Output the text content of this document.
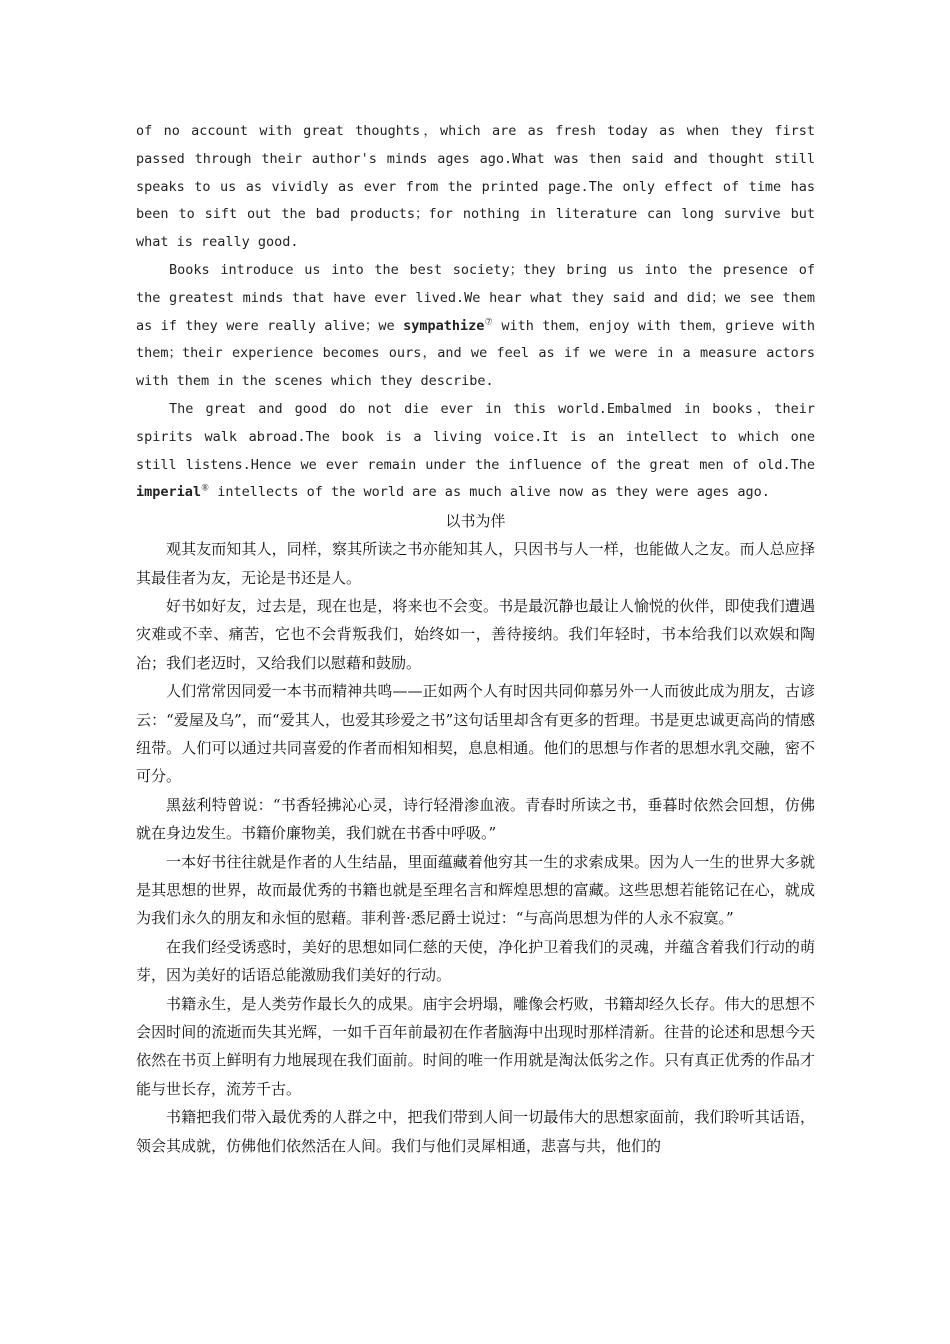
of no account with great thoughts，which are as fresh today as when they first passed through their author's minds ages ago.What was then said and thought still speaks to us as vividly as ever from the printed page.The only effect of time has been to sift out the bad products；for nothing in literature can long survive but what is really good.

Books introduce us into the best society；they bring us into the presence of the greatest minds that have ever lived.We hear what they said and did；we see them as if they were really alive；we sympathize⑦ with them，enjoy with them，grieve with them；their experience becomes ours，and we feel as if we were in a measure actors with them in the scenes which they describe.

The great and good do not die ever in this world.Embalmed in books，their spirits walk abroad.The book is a living voice.It is an intellect to which one still listens.Hence we ever remain under the influence of the great men of old.The imperial⑧ intellects of the world are as much alive now as they were ages ago.

以书为伴

观其友而知其人，同样，察其所读之书亦能知其人，只因书与人一样，也能做人之友。而人总应择其最佳者为友，无论是书还是人。

好书如好友，过去是，现在也是，将来也不会变。书是最沉静也最让人愉悦的伙伴，即使我们遭遇灾难或不幸、痛苦，它也不会背叛我们，始终如一，善待接纳。我们年轻时，书本给我们以欢娱和陶冶；我们老迈时，又给我们以慰藉和鼓励。

人们常常因同爱一本书而精神共鸣——正如两个人有时因共同仰慕另外一人而彼此成为朋友，古谚云：“爱屋及乌”，而“爱其人，也爱其珍爱之书”这句话里却含有更多的哲理。书是更忠诚更高尚的情感纽带。人们可以通过共同喜爱的作者而相知相契，息息相通。他们的思想与作者的思想水乳交融，密不可分。

黑兹利特曾说：“书香轻拂沁心灵，诗行轻滑渗血液。青春时所读之书，垂暮时依然会回想，仿佛就在身边发生。书籍价廉物美，我们就在书香中呼吸。”

一本好书往往就是作者的人生结晶，里面蕴藏着他穷其一生的求索成果。因为人一生的世界大多就是其思想的世界，故而最优秀的书籍也就是至理名言和辉煌思想的富藏。这些思想若能铭记在心，就成为我们永久的朋友和永恒的慰藉。菲利普·悉尼爵士说过：“与高尚思想为伴的人永不寂寞。”

在我们经受诱惑时，美好的思想如同仁慈的天使，净化护卫着我们的灵魂，并蕴含着我们行动的萌芽，因为美好的话语总能激励我们美好的行动。

书籍永生，是人类劳作最长久的成果。庙宇会坍塌，雕像会朽败，书籍却经久长存。伟大的思想不会因时间的流逝而失其光辉，一如千百年前最初在作者脑海中出现时那样清新。往昔的论述和思想今天依然在书页上鲜明有力地展现在我们面前。时间的唯一作用就是淘汰低劣之作。只有真正优秀的作品才能与世长存，流芳千古。

书籍把我们带入最优秀的人群之中，把我们带到人间一切最伟大的思想家面前，我们聆听其话语，领会其成就，仿佛他们依然活在人间。我们与他们灵犀相通，悲喜与共，他们的
